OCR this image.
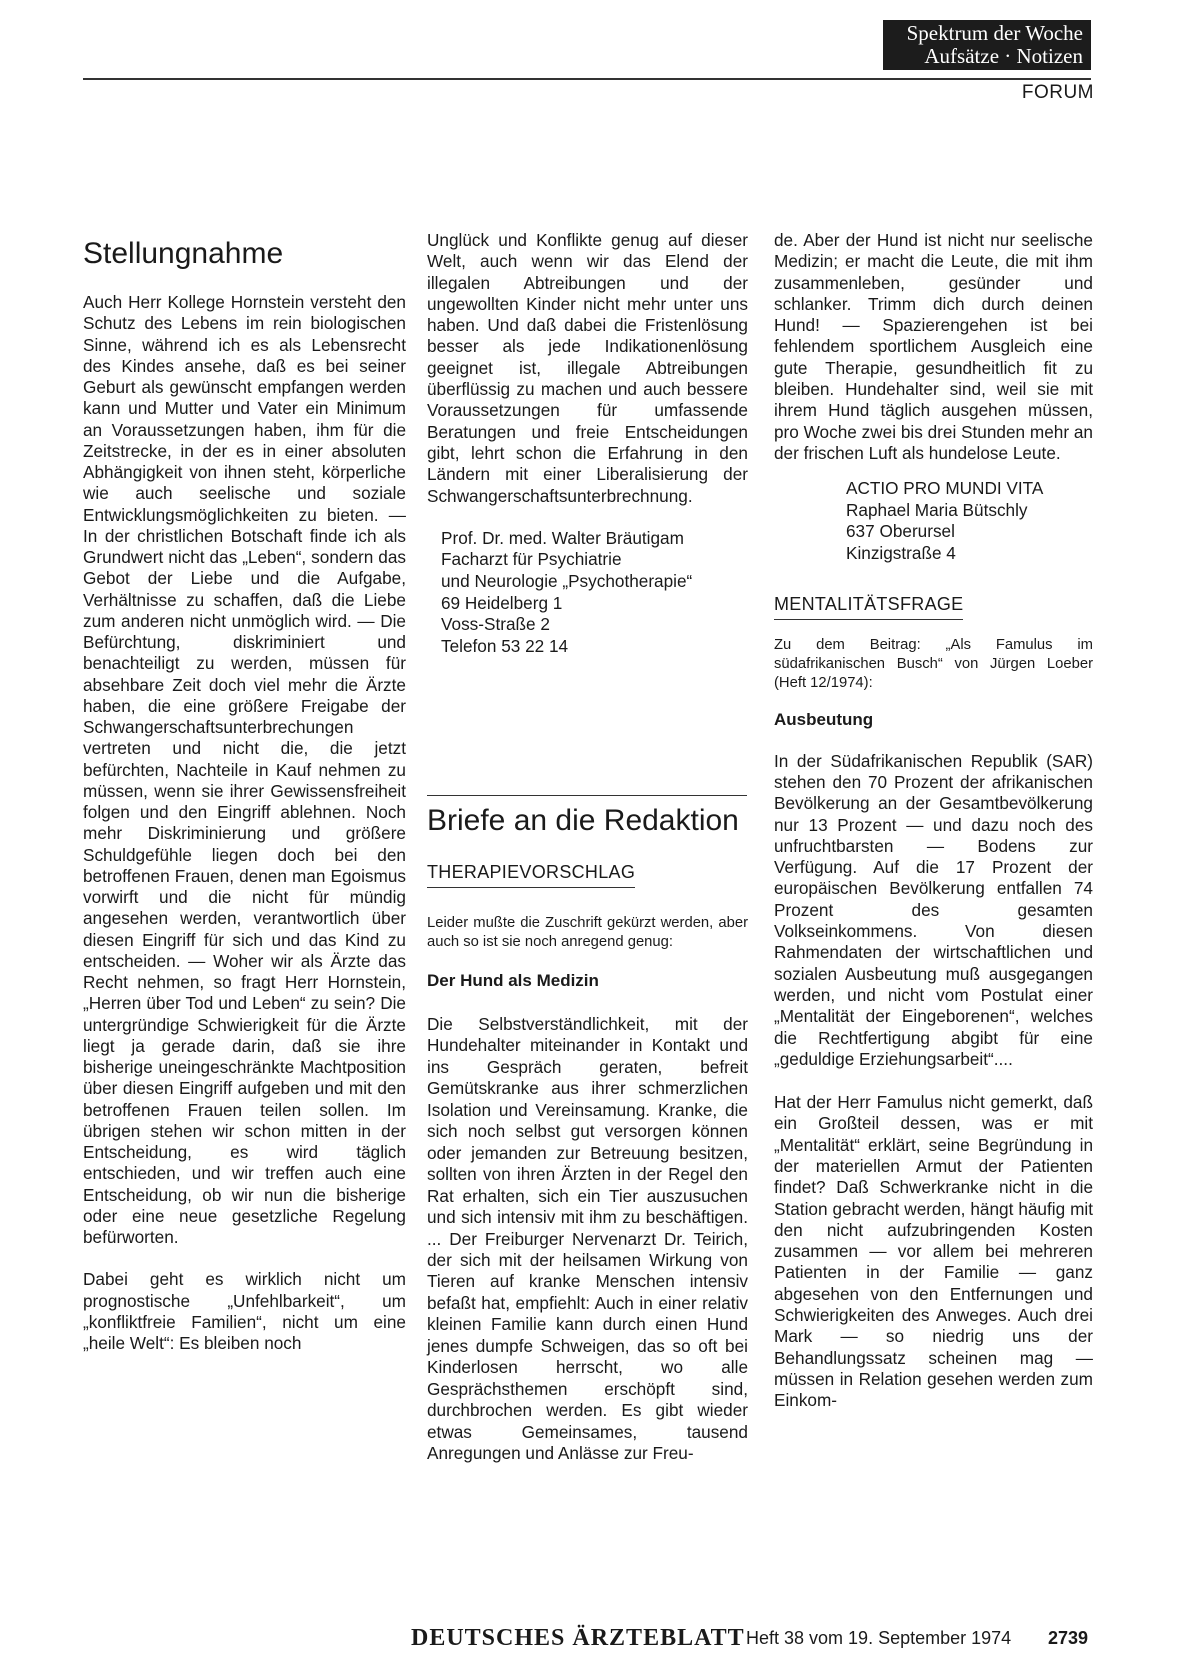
Spektrum der Woche
Aufsätze · Notizen
FORUM
Stellungnahme

Auch Herr Kollege Hornstein versteht den Schutz des Lebens im rein biologischen Sinne, während ich es als Lebensrecht des Kindes ansehe, daß es bei seiner Geburt als gewünscht empfangen werden kann und Mutter und Vater ein Minimum an Voraussetzungen haben, ihm für die Zeitstrecke, in der es in einer absoluten Abhängigkeit von ihnen steht, körperliche wie auch seelische und soziale Entwicklungsmöglichkeiten zu bieten. — In der christlichen Botschaft finde ich als Grundwert nicht das „Leben“, sondern das Gebot der Liebe und die Aufgabe, Verhältnisse zu schaffen, daß die Liebe zum anderen nicht unmöglich wird. — Die Befürchtung, diskriminiert und benachteiligt zu werden, müssen für absehbare Zeit doch viel mehr die Ärzte haben, die eine größere Freigabe der Schwangerschaftsunterbrechungen vertreten und nicht die, die jetzt befürchten, Nachteile in Kauf nehmen zu müssen, wenn sie ihrer Gewissensfreiheit folgen und den Eingriff ablehnen. Noch mehr Diskriminierung und größere Schuldgefühle liegen doch bei den betroffenen Frauen, denen man Egoismus vorwirft und die nicht für mündig angesehen werden, verantwortlich über diesen Eingriff für sich und das Kind zu entscheiden. — Woher wir als Ärzte das Recht nehmen, so fragt Herr Hornstein, „Herren über Tod und Leben“ zu sein? Die untergründige Schwierigkeit für die Ärzte liegt ja gerade darin, daß sie ihre bisherige uneingeschränkte Machtposition über diesen Eingriff aufgeben und mit den betroffenen Frauen teilen sollen. Im übrigen stehen wir schon mitten in der Entscheidung, es wird täglich entschieden, und wir treffen auch eine Entscheidung, ob wir nun die bisherige oder eine neue gesetzliche Regelung befürworten.

Dabei geht es wirklich nicht um prognostische „Unfehlbarkeit“, um „konfliktfreie Familien“, nicht um eine „heile Welt“: Es bleiben noch

Unglück und Konflikte genug auf dieser Welt, auch wenn wir das Elend der illegalen Abtreibungen und der ungewollten Kinder nicht mehr unter uns haben. Und daß dabei die Fristenlösung besser als jede Indikationenlösung geeignet ist, illegale Abtreibungen überflüssig zu machen und auch bessere Voraussetzungen für umfassende Beratungen und freie Entscheidungen gibt, lehrt schon die Erfahrung in den Ländern mit einer Liberalisierung der Schwangerschaftsunterbrechnung.

Prof. Dr. med. Walter Bräutigam
Facharzt für Psychiatrie
und Neurologie „Psychotherapie“
69 Heidelberg 1
Voss-Straße 2
Telefon 53 22 14
Briefe an die Redaktion
THERAPIEVORSCHLAG

Leider mußte die Zuschrift gekürzt werden, aber auch so ist sie noch anregend genug:

Der Hund als Medizin

Die Selbstverständlichkeit, mit der Hundehalter miteinander in Kontakt und ins Gespräch geraten, befreit Gemütskranke aus ihrer schmerzlichen Isolation und Vereinsamung. Kranke, die sich noch selbst gut versorgen können oder jemanden zur Betreuung besitzen, sollten von ihren Ärzten in der Regel den Rat erhalten, sich ein Tier auszusuchen und sich intensiv mit ihm zu beschäftigen. ... Der Freiburger Nervenarzt Dr. Teirich, der sich mit der heilsamen Wirkung von Tieren auf kranke Menschen intensiv befaßt hat, empfiehlt: Auch in einer relativ kleinen Familie kann durch einen Hund jenes dumpfe Schweigen, das so oft bei Kinderlosen herrscht, wo alle Gesprächsthemen erschöpft sind, durchbrochen werden. Es gibt wieder etwas Gemeinsames, tausend Anregungen und Anlässe zur Freu-

de. Aber der Hund ist nicht nur seelische Medizin; er macht die Leute, die mit ihm zusammenleben, gesünder und schlanker. Trimm dich durch deinen Hund! — Spazierengehen ist bei fehlendem sportlichem Ausgleich eine gute Therapie, gesundheitlich fit zu bleiben. Hundehalter sind, weil sie mit ihrem Hund täglich ausgehen müssen, pro Woche zwei bis drei Stunden mehr an der frischen Luft als hundelose Leute.

ACTIO PRO MUNDI VITA
Raphael Maria Bütschly
637 Oberursel
Kinzigstraße 4
MENTALITÄTSFRAGE

Zu dem Beitrag: „Als Famulus im südafrikanischen Busch“ von Jürgen Loeber (Heft 12/1974):

Ausbeutung

In der Südafrikanischen Republik (SAR) stehen den 70 Prozent der afrikanischen Bevölkerung an der Gesamtbevölkerung nur 13 Prozent — und dazu noch des unfruchtbarsten — Bodens zur Verfügung. Auf die 17 Prozent der europäischen Bevölkerung entfallen 74 Prozent des gesamten Volkseinkommens. Von diesen Rahmendaten der wirtschaftlichen und sozialen Ausbeutung muß ausgegangen werden, und nicht vom Postulat einer „Mentalität der Eingeborenen“, welches die Rechtfertigung abgibt für eine „geduldige Erziehungsarbeit“....

Hat der Herr Famulus nicht gemerkt, daß ein Großteil dessen, was er mit „Mentalität“ erklärt, seine Begründung in der materiellen Armut der Patienten findet? Daß Schwerkranke nicht in die Station gebracht werden, hängt häufig mit den nicht aufzubringenden Kosten zusammen — vor allem bei mehreren Patienten in der Familie — ganz abgesehen von den Entfernungen und Schwierigkeiten des Anweges. Auch drei Mark — so niedrig uns der Behandlungssatz scheinen mag — müssen in Relation gesehen werden zum Einkom-

DEUTSCHES ÄRZTEBLATT Heft 38 vom 19. September 1974 2739
